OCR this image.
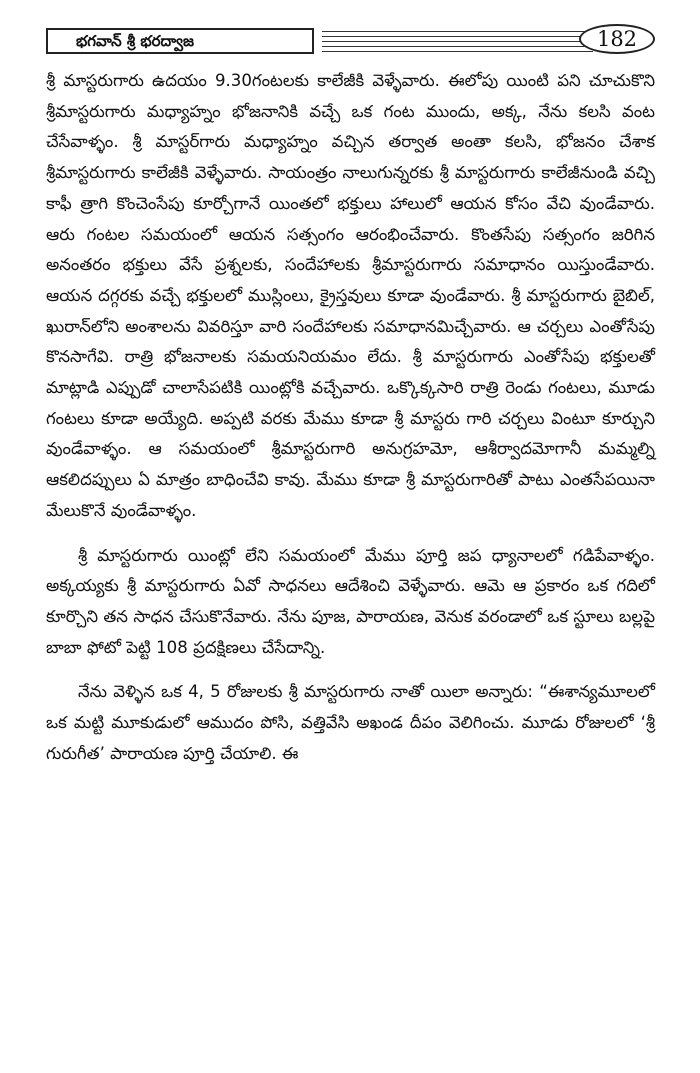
భగవాన్ శ్రీ భరద్వాజ	182

శ్రీ మాస్టరుగారు ఉదయం 9.30గంటలకు కాలేజీకి వెళ్ళేవారు. ఈలోపు యింటి పని చూచుకొని శ్రీమాస్టరుగారు మధ్యాహ్నం భోజనానికి వచ్చే ఒక గంట ముందు, అక్క, నేను కలసి వంట చేసేవాళ్ళం. శ్రీ మాస్టర్‌గారు మధ్యాహ్నం వచ్చిన తర్వాత అంతా కలసి, భోజనం చేశాక శ్రీమాస్టరుగారు కాలేజీకి వెళ్ళేవారు. సాయంత్రం నాలుగున్నరకు శ్రీ మాస్టరుగారు కాలేజీనుండి వచ్చి కాఫీ త్రాగి కొంచెంసేపు కూర్చోగానే యింతలో భక్తులు హాలులో ఆయన కోసం వేచి వుండేవారు. ఆరు గంటల సమయంలో ఆయన సత్సంగం ఆరంభించేవారు. కొంతసేపు సత్సంగం జరిగిన అనంతరం భక్తులు వేసే ప్రశ్నలకు, సందేహాలకు శ్రీమాస్టరుగారు సమాధానం యిస్తుండేవారు. ఆయన దగ్గరకు వచ్చే భక్తులలో ముస్లింలు, క్రైస్తవులు కూడా వుండేవారు. శ్రీ మాస్టరుగారు బైబిల్, ఖురాన్‌లోని అంశాలను వివరిస్తూ వారి సందేహాలకు సమాధానమిచ్చేవారు. ఆ చర్చలు ఎంతోసేపు కొనసాగేవి. రాత్రి భోజనాలకు సమయనియమం లేదు. శ్రీ మాస్టరుగారు ఎంతోసేపు భక్తులతో మాట్లాడి ఎప్పుడో చాలాసేపటికి యింట్లోకి వచ్చేవారు. ఒక్కొక్కసారి రాత్రి రెండు గంటలు, మూడు గంటలు కూడా అయ్యేది. అప్పటి వరకు మేము కూడా శ్రీ మాస్టరు గారి చర్చలు వింటూ కూర్చుని వుండేవాళ్ళం. ఆ సమయంలో శ్రీమాస్టరుగారి అనుగ్రహమో, ఆశీర్వాదమోగానీ మమ్మల్ని ఆకలిదప్పులు ఏ మాత్రం బాధించేవి కావు. మేము కూడా శ్రీ మాస్టరుగారితో పాటు ఎంతసేపయినా మేలుకొనే వుండేవాళ్ళం.

శ్రీ మాస్టరుగారు యింట్లో లేని సమయంలో మేము పూర్తి జప ధ్యానాలలో గడిపేవాళ్ళం. అక్కయ్యకు శ్రీ మాస్టరుగారు ఏవో సాధనలు ఆదేశించి వెళ్ళేవారు. ఆమె ఆ ప్రకారం ఒక గదిలో కూర్చొని తన సాధన చేసుకొనేవారు. నేను పూజ, పారాయణ, వెనుక వరండాలో ఒక స్టూలు బల్లపై బాబా ఫోటో పెట్టి 108 ప్రదక్షిణలు చేసేదాన్ని.

నేను వెళ్ళిన ఒక 4, 5 రోజులకు శ్రీ మాస్టరుగారు నాతో యిలా అన్నారు: “ఈశాన్యమూలలో ఒక మట్టి మూకుడులో ఆముదం పోసి, వత్తివేసి అఖండ దీపం వెలిగించు. మూడు రోజులలో ‘శ్రీ గురుగీత’ పారాయణ పూర్తి చేయాలి. ఈ
